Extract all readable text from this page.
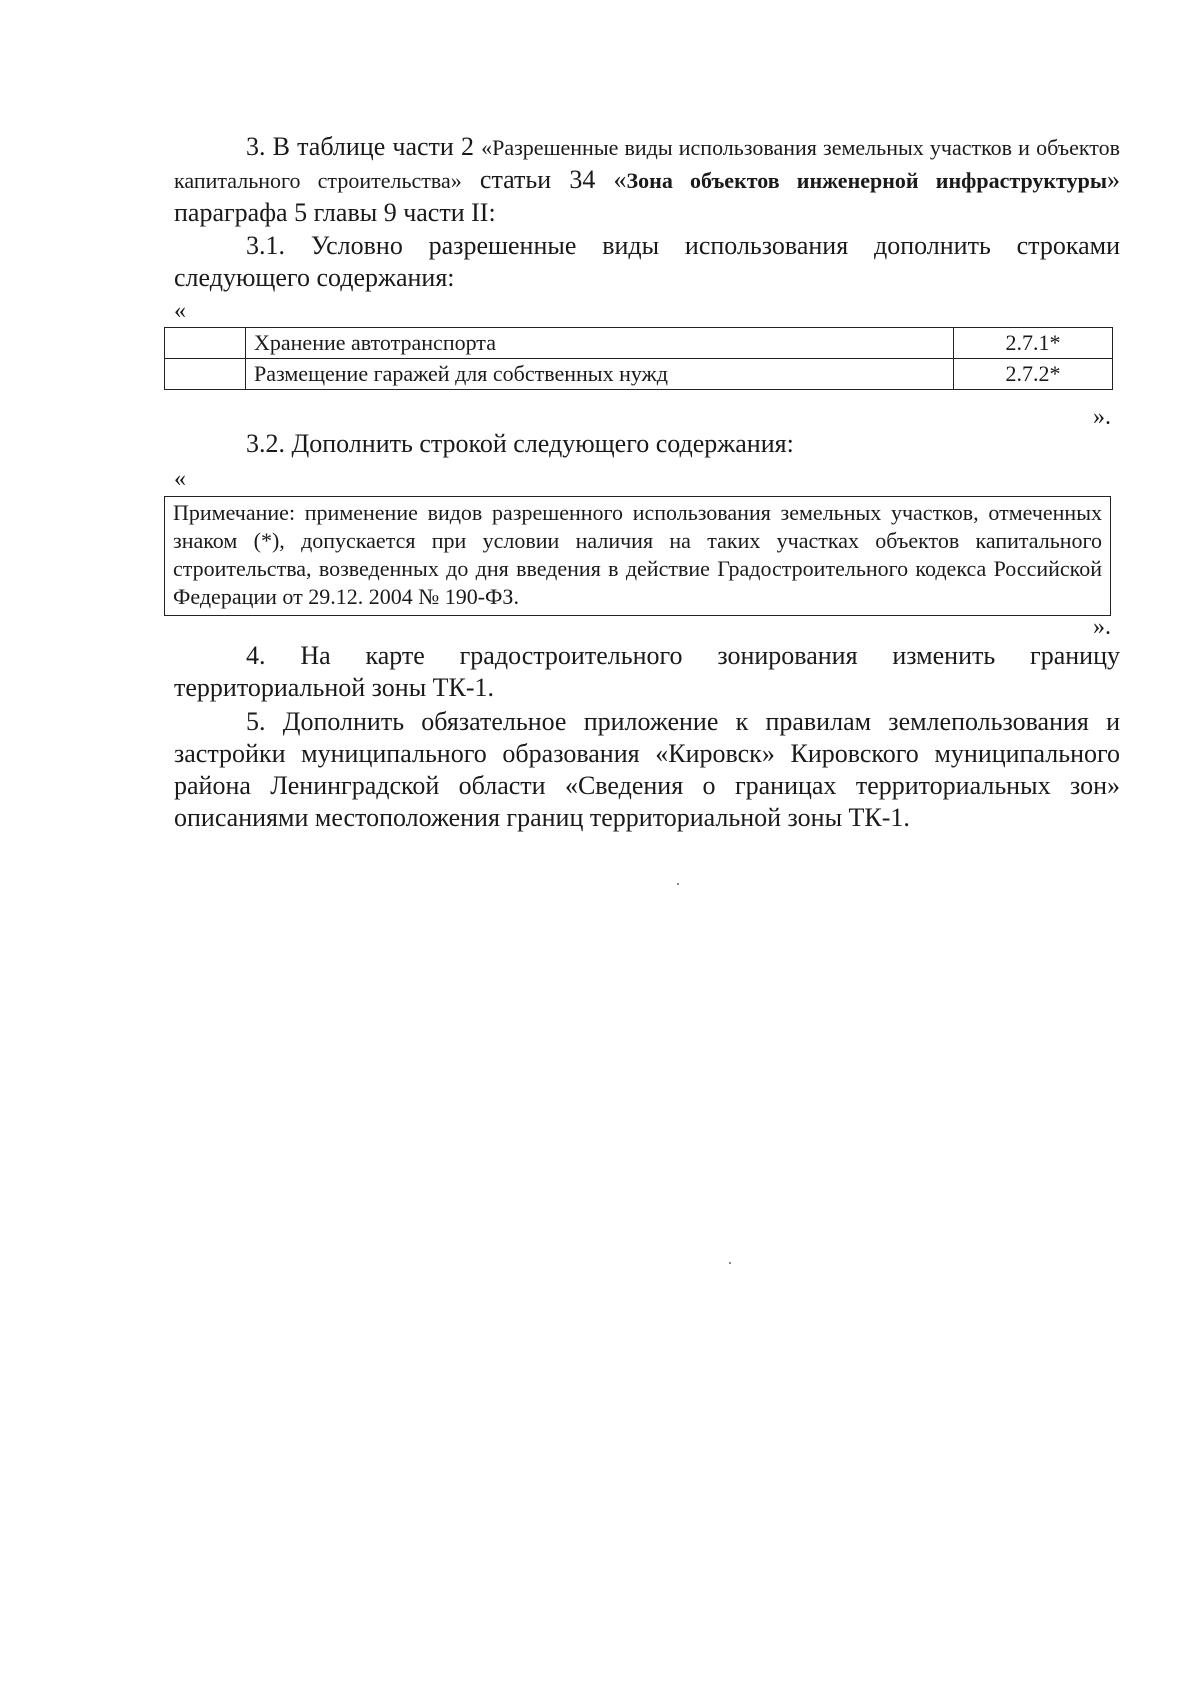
3. В таблице части 2 «Разрешенные виды использования земельных участков и объектов капитального строительства» статьи 34 «Зона объектов инженерной инфраструктуры» параграфа 5 главы 9 части II:

3.1. Условно разрешенные виды использования дополнить строками следующего содержания:

«
	Хранение автотранспорта	2.7.1*
	Размещение гаражей для собственных нужд	2.7.2*
».

3.2. Дополнить строкой следующего содержания:

«
Примечание: применение видов разрешенного использования земельных участков, отмеченных знаком (*), допускается при условии наличия на таких участках объектов капитального строительства, возведенных до дня введения в действие Градостроительного кодекса Российской Федерации от 29.12. 2004 № 190-ФЗ.
».

4. На карте градостроительного зонирования изменить границу территориальной зоны ТК-1.

5. Дополнить обязательное приложение к правилам землепользования и застройки муниципального образования «Кировск» Кировского муниципального района Ленинградской области «Сведения о границах территориальных зон» описаниями местоположения границ территориальной зоны ТК-1.
